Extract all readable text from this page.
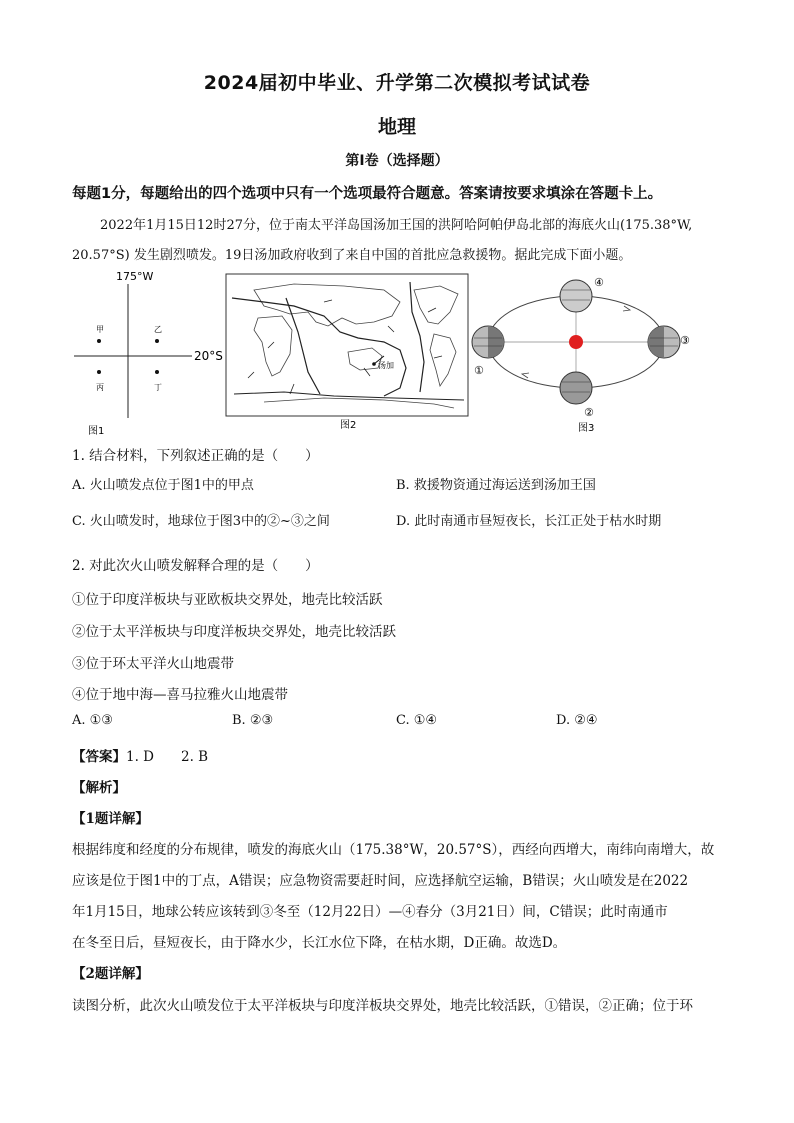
2024届初中毕业、升学第二次模拟考试试卷
地理
第Ⅰ卷（选择题）
每题1分，每题给出的四个选项中只有一个选项最符合题意。答案请按要求填涂在答题卡上。
2022年1月15日12时27分，位于南太平洋岛国汤加王国的洪阿哈阿帕伊岛北部的海底火山(175.38°W,
20.57°S) 发生剧烈喷发。19日汤加政府收到了来自中国的首批应急救援物。据此完成下面小题。
175°W
20°S
甲	乙
丙	丁
图1
汤加
图2
①
②
③
④
图3
1. 结合材料，下列叙述正确的是（　　）
A. 火山喷发点位于图1中的甲点	B. 救援物资通过海运送到汤加王国
C. 火山喷发时，地球位于图3中的②~③之间	D. 此时南通市昼短夜长，长江正处于枯水时期
2. 对此次火山喷发解释合理的是（　　）
①位于印度洋板块与亚欧板块交界处，地壳比较活跃
②位于太平洋板块与印度洋板块交界处，地壳比较活跃
③位于环太平洋火山地震带
④位于地中海—喜马拉雅火山地震带
A. ①③	B. ②③	C. ①④	D. ②④
【答案】1. D　　2. B
【解析】
【1题详解】
根据纬度和经度的分布规律，喷发的海底火山（175.38°W，20.57°S），西经向西增大，南纬向南增大，故
应该是位于图1中的丁点，A错误；应急物资需要赶时间，应选择航空运输，B错误；火山喷发是在2022
年1月15日，地球公转应该转到③冬至（12月22日）—④春分（3月21日）间，C错误；此时南通市
在冬至日后，昼短夜长，由于降水少，长江水位下降，在枯水期，D正确。故选D。
【2题详解】
读图分析，此次火山喷发位于太平洋板块与印度洋板块交界处，地壳比较活跃，①错误，②正确；位于环
